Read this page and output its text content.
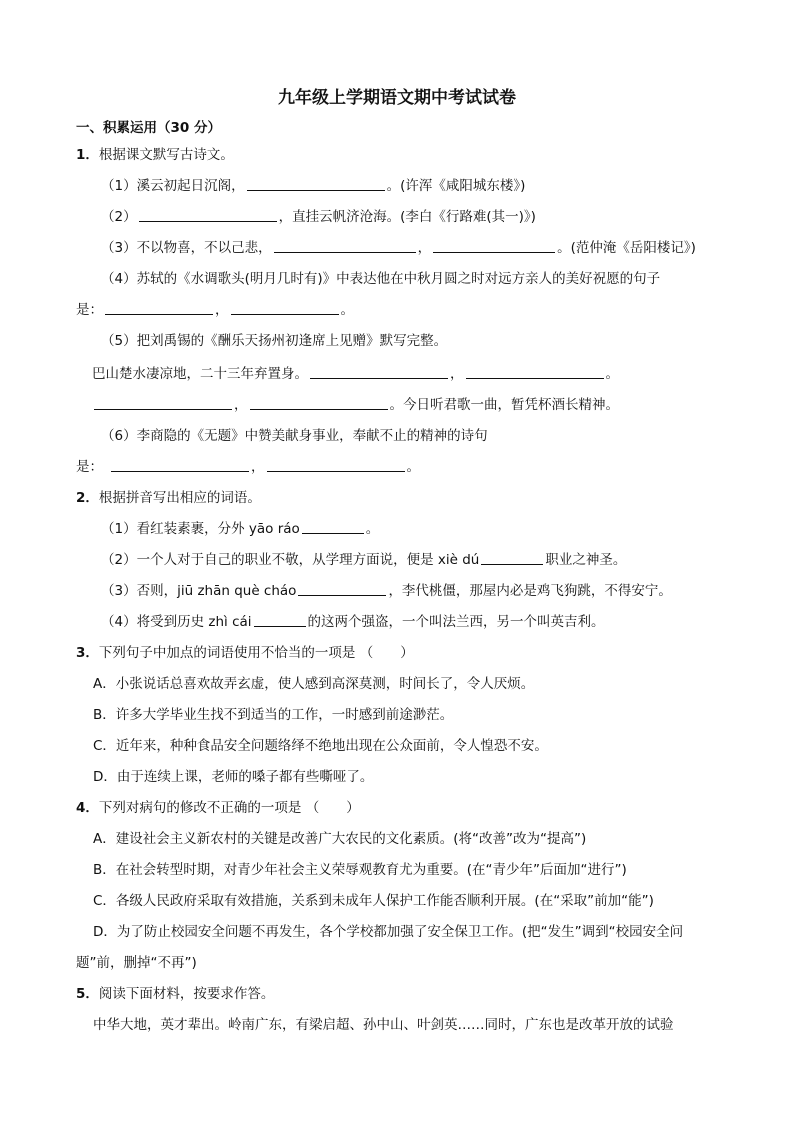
九年级上学期语文期中考试试卷
一、积累运用（30 分）
1．根据课文默写古诗文。
（1）溪云初起日沉阁，	。(许浑《咸阳城东楼》)
（2）	，直挂云帆济沧海。(李白《行路难(其一)》)
（3）不以物喜，不以己悲，	，	。(范仲淹《岳阳楼记》)
（4）苏轼的《水调歌头(明月几时有)》中表达他在中秋月圆之时对远方亲人的美好祝愿的句子
是：	，	。
（5）把刘禹锡的《酬乐天扬州初逢席上见赠》默写完整。
巴山楚水凄凉地，二十三年弃置身。	，	。
，	。今日听君歌一曲，暂凭杯酒长精神。
（6）李商隐的《无题》中赞美献身事业，奉献不止的精神的诗句
是：	，	。
2．根据拼音写出相应的词语。
（1）看红装素裹，分外 yāo ráo	。
（2）一个人对于自己的职业不敬，从学理方面说，便是 xiè dú	职业之神圣。
（3）否则，jiū zhān què cháo	，李代桃僵，那屋内必是鸡飞狗跳，不得安宁。
（4）将受到历史 zhì cái	的这两个强盗，一个叫法兰西，另一个叫英吉利。
3．下列句子中加点的词语使用不恰当的一项是 （　　）
A．小张说话总喜欢故弄玄虚，使人感到高深莫测，时间长了，令人厌烦。
B．许多大学毕业生找不到适当的工作，一时感到前途渺茫。
C．近年来，种种食品安全问题络绎不绝地出现在公众面前，令人惶恐不安。
D．由于连续上课，老师的嗓子都有些嘶哑了。
4．下列对病句的修改不正确的一项是 （　　）
A．建设社会主义新农村的关键是改善广大农民的文化素质。(将“改善”改为“提高”)
B．在社会转型时期，对青少年社会主义荣辱观教育尤为重要。(在“青少年”后面加“进行”)
C．各级人民政府采取有效措施，关系到未成年人保护工作能否顺利开展。(在“采取”前加“能”)
D．为了防止校园安全问题不再发生，各个学校都加强了安全保卫工作。(把“发生”调到“校园安全问
题”前，删掉“不再”)
5．阅读下面材料，按要求作答。
中华大地，英才辈出。岭南广东，有梁启超、孙中山、叶剑英……同时，广东也是改革开放的试验
